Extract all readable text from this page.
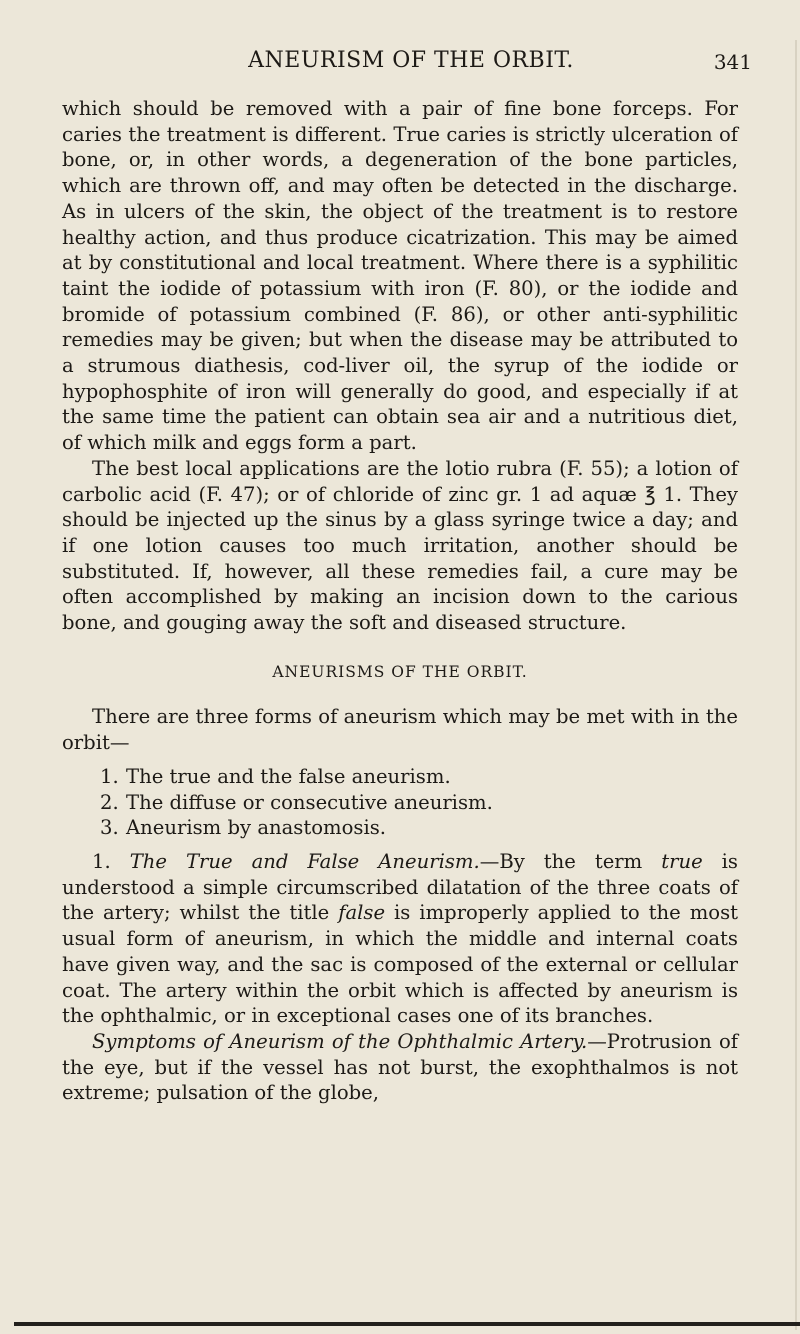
ANEURISM OF THE ORBIT.	341

which should be removed with a pair of fine bone forceps. For caries the treatment is different. True caries is strictly ulceration of bone, or, in other words, a degeneration of the bone particles, which are thrown off, and may often be detected in the discharge. As in ulcers of the skin, the object of the treatment is to restore healthy action, and thus produce cicatrization. This may be aimed at by constitutional and local treatment. Where there is a syphilitic taint the iodide of potassium with iron (F. 80), or the iodide and bromide of potassium combined (F. 86), or other anti-syphilitic remedies may be given; but when the disease may be attributed to a strumous diathesis, cod-liver oil, the syrup of the iodide or hypophosphite of iron will generally do good, and especially if at the same time the patient can obtain sea air and a nutritious diet, of which milk and eggs form a part.

The best local applications are the lotio rubra (F. 55); a lotion of carbolic acid (F. 47); or of chloride of zinc gr. 1 ad aquæ ℥ 1. They should be injected up the sinus by a glass syringe twice a day; and if one lotion causes too much irritation, another should be substituted. If, however, all these remedies fail, a cure may be often accomplished by making an incision down to the carious bone, and gouging away the soft and diseased structure.

ANEURISMS OF THE ORBIT.

There are three forms of aneurism which may be met with in the orbit—

1. The true and the false aneurism.
2. The diffuse or consecutive aneurism.
3. Aneurism by anastomosis.

1. The True and False Aneurism.—By the term true is understood a simple circumscribed dilatation of the three coats of the artery; whilst the title false is improperly applied to the most usual form of aneurism, in which the middle and internal coats have given way, and the sac is composed of the external or cellular coat. The artery within the orbit which is affected by aneurism is the ophthalmic, or in exceptional cases one of its branches.

Symptoms of Aneurism of the Ophthalmic Artery.—Protrusion of the eye, but if the vessel has not burst, the exophthalmos is not extreme; pulsation of the globe,
